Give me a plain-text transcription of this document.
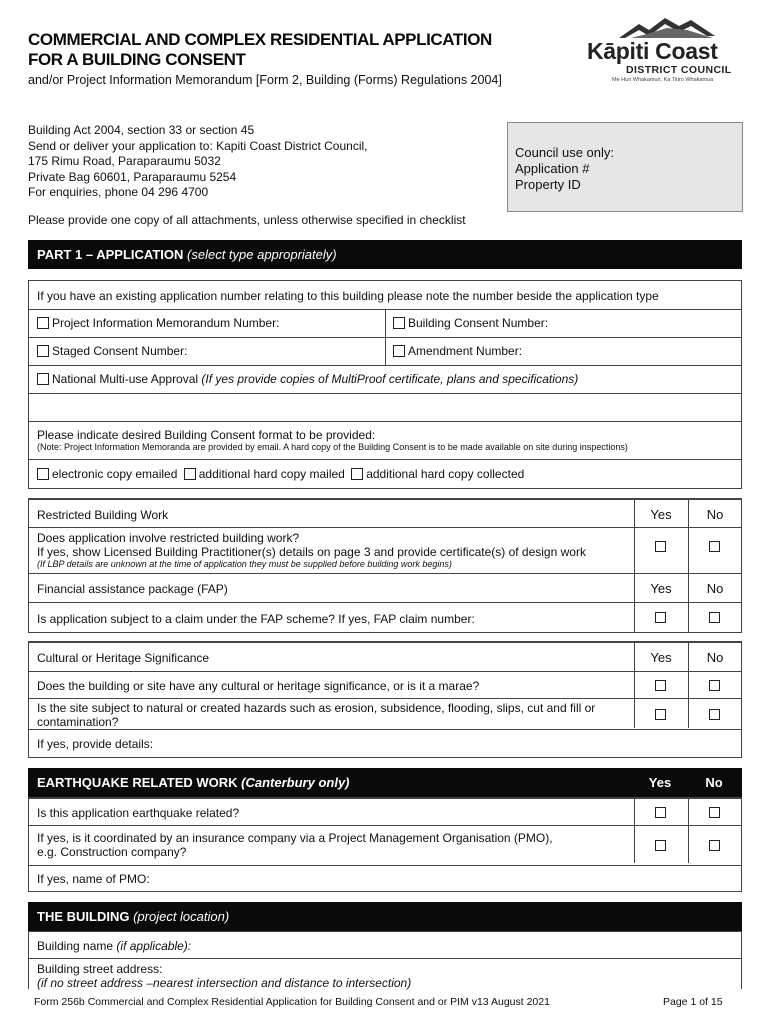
COMMERCIAL AND COMPLEX RESIDENTIAL APPLICATION
FOR A BUILDING CONSENT
and/or Project Information Memorandum [Form 2, Building (Forms) Regulations 2004]
Kāpiti Coast
DISTRICT COUNCIL
Me Huri Whakamuri, Ka Titiro Whakamua
Building Act 2004, section 33 or section 45
Send or deliver your application to: Kapiti Coast District Council,
175 Rimu Road, Paraparaumu 5032
Private Bag 60601, Paraparaumu 5254
For enquiries, phone 04 296 4700
Council use only:
Application #
Property ID
Please provide one copy of all attachments, unless otherwise specified in checklist
PART 1 – APPLICATION (select type appropriately)
If you have an existing application number relating to this building please note the number beside the application type
Project Information Memorandum Number:	Building Consent Number:
Staged Consent Number:	Amendment Number:
National Multi-use Approval (If yes provide copies of MultiProof certificate, plans and specifications)
Please indicate desired Building Consent format to be provided:
(Note: Project Information Memoranda are provided by email. A hard copy of the Building Consent is to be made available on site during inspections)
electronic copy emailed additional hard copy mailed additional hard copy collected
Restricted Building Work	Yes	No
Does application involve restricted building work?
If yes, show Licensed Building Practitioner(s) details on page 3 and provide certificate(s) of design work
(If LBP details are unknown at the time of application they must be supplied before building work begins)
Financial assistance package (FAP)	Yes	No
Is application subject to a claim under the FAP scheme? If yes, FAP claim number:
Cultural or Heritage Significance	Yes	No
Does the building or site have any cultural or heritage significance, or is it a marae?
Is the site subject to natural or created hazards such as erosion, subsidence, flooding, slips, cut and fill or
contamination?
If yes, provide details:
EARTHQUAKE RELATED WORK (Canterbury only)	Yes	No
Is this application earthquake related?
If yes, is it coordinated by an insurance company via a Project Management Organisation (PMO),
e.g. Construction company?
If yes, name of PMO:
THE BUILDING (project location)
Building name (if applicable):
Building street address:
(if no street address –nearest intersection and distance to intersection)
Form 256b Commercial and Complex Residential Application for Building Consent and or PIM v13 August 2021	Page 1 of 15
